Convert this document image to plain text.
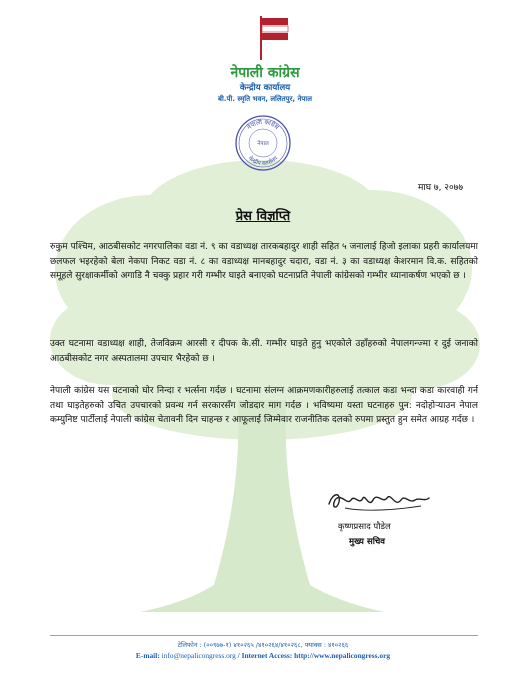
नेपाली कांग्रेस
केन्द्रीय कार्यालय
बी.पी. स्मृति भवन, ललितपुर, नेपाल
नेपाली कांग्रेस
केन्द्रीय कार्यालय
नेपाल
माघ ७, २०७७
प्रेस विज्ञप्ति

रुकुम पश्चिम, आठबीसकोट नगरपालिका वडा नं. ९ का वडाध्यक्ष तारकबहादुर शाही सहित ५ जनालाई हिजो इलाका प्रहरी कार्यालयमा छलफल भइरहेको बेला नेकपा निकट वडा नं. ८ का वडाध्यक्ष मानबहादुर चदारा, वडा नं. ३ का वडाध्यक्ष केशरमान वि.क. सहितको समूहले सुरक्षाकर्मीको अगाडि नै चक्कु प्रहार गरी गम्भीर घाइते बनाएको घटनाप्रति नेपाली कांग्रेसको गम्भीर ध्यानाकर्षण भएको छ ।

उक्त घटनामा वडाध्यक्ष शाही, तेजविक्रम आरसी र दीपक के.सी. गम्भीर घाइते हुनु भएकोले उहाँहरुको नेपालगन्ज्मा र दुई जनाको आठबीसकोट नगर अस्पतालमा उपचार भैरहेको छ ।

नेपाली कांग्रेस यस घटनाको घोर निन्दा र भर्त्सना गर्दछ । घटनामा संलग्न आक्रमणकारीहरुलाई तत्काल कडा भन्दा कडा कारवाही गर्न तथा घाइतेहरुको उचित उपचारको प्रवन्ध गर्न सरकारसँग जोडदार माग गर्दछ । भविष्यमा यस्ता घटनाहरु पुन: नदोहोऱ्याउन नेपाल कम्युनिष्ट पार्टीलाई नेपाली कांग्रेस चेतावनी दिन चाहन्छ र आफूलाई जिम्मेवार राजनीतिक दलको रुपमा प्रस्तुत हुन समेत आग्रह गर्दछ ।

कृष्णप्रसाद पौडेल
मुख्य सचिव
टेलिफोन : (००९७७-१) ४१०२६५ /४१०२६४/४१०२६८, फ्याक्स : ४१०२६६
E-mail: info@nepalicongress.org / Internet Access: http://www.nepalicongress.org
